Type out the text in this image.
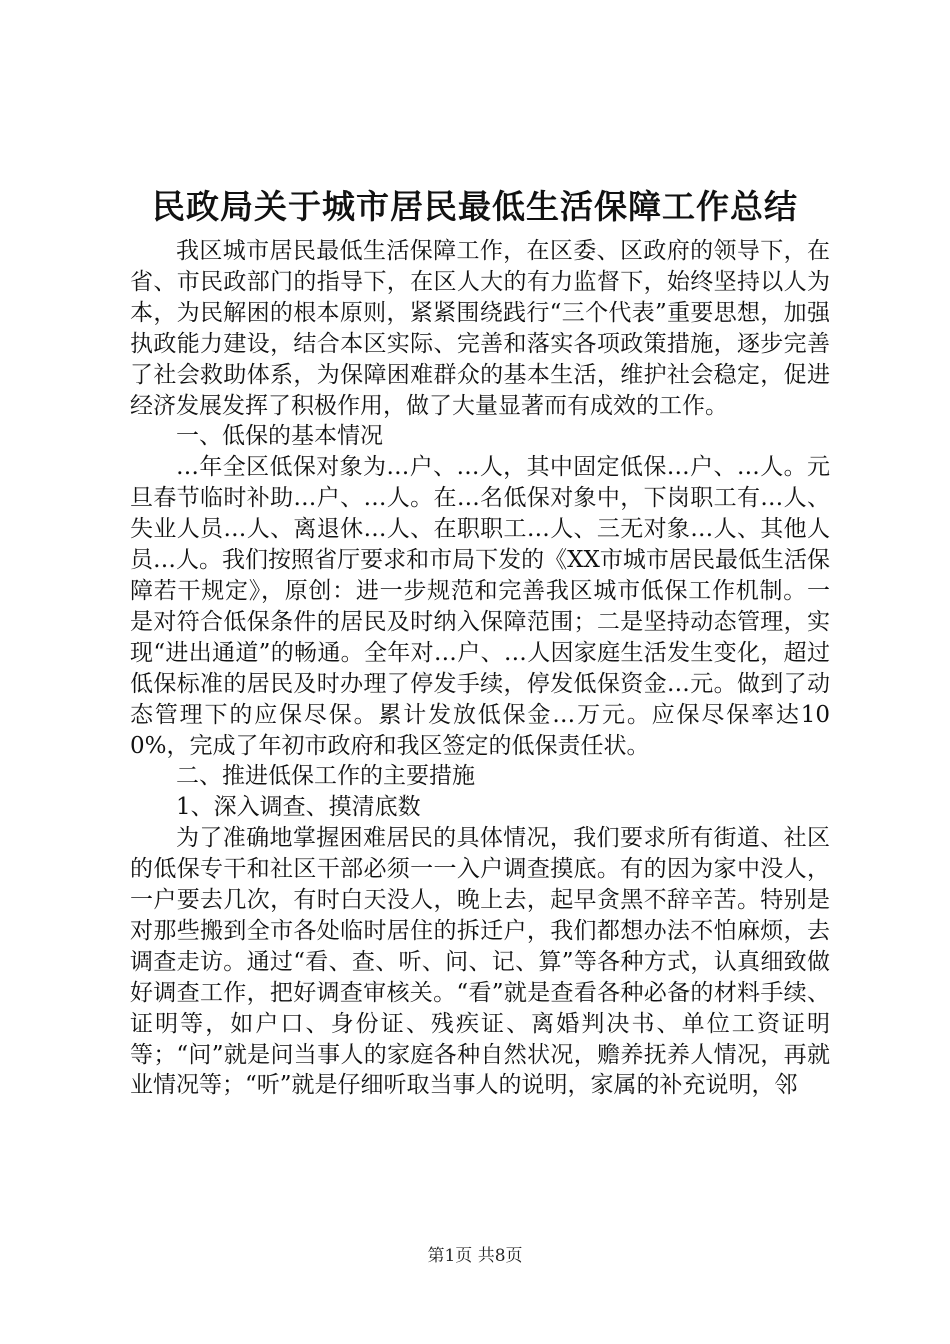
民政局关于城市居民最低生活保障工作总结

我区城市居民最低生活保障工作，在区委、区政府的领导下，在省、市民政部门的指导下，在区人大的有力监督下，始终坚持以人为本，为民解困的根本原则，紧紧围绕践行“三个代表”重要思想，加强执政能力建设，结合本区实际、完善和落实各项政策措施，逐步完善了社会救助体系，为保障困难群众的基本生活，维护社会稳定，促进经济发展发挥了积极作用，做了大量显著而有成效的工作。

一、低保的基本情况

…年全区低保对象为…户、…人，其中固定低保…户、…人。元旦春节临时补助…户、…人。在…名低保对象中，下岗职工有…人、失业人员…人、离退休…人、在职职工…人、三无对象…人、其他人员…人。我们按照省厅要求和市局下发的《XX市城市居民最低生活保障若干规定》，原创：进一步规范和完善我区城市低保工作机制。一是对符合低保条件的居民及时纳入保障范围；二是坚持动态管理，实现“进出通道”的畅通。全年对…户、…人因家庭生活发生变化，超过低保标准的居民及时办理了停发手续，停发低保资金…元。做到了动态管理下的应保尽保。累计发放低保金…万元。应保尽保率达100%，完成了年初市政府和我区签定的低保责任状。

二、推进低保工作的主要措施

1、深入调查、摸清底数

为了准确地掌握困难居民的具体情况，我们要求所有街道、社区的低保专干和社区干部必须一一入户调查摸底。有的因为家中没人，一户要去几次，有时白天没人，晚上去，起早贪黑不辞辛苦。特别是对那些搬到全市各处临时居住的拆迁户，我们都想办法不怕麻烦，去调查走访。通过“看、查、听、问、记、算”等各种方式，认真细致做好调查工作，把好调查审核关。“看”就是查看各种必备的材料手续、证明等，如户口、身份证、残疾证、离婚判决书、单位工资证明等；“问”就是问当事人的家庭各种自然状况，赡养抚养人情况，再就业情况等；“听”就是仔细听取当事人的说明，家属的补充说明，邻

第1页 共8页
